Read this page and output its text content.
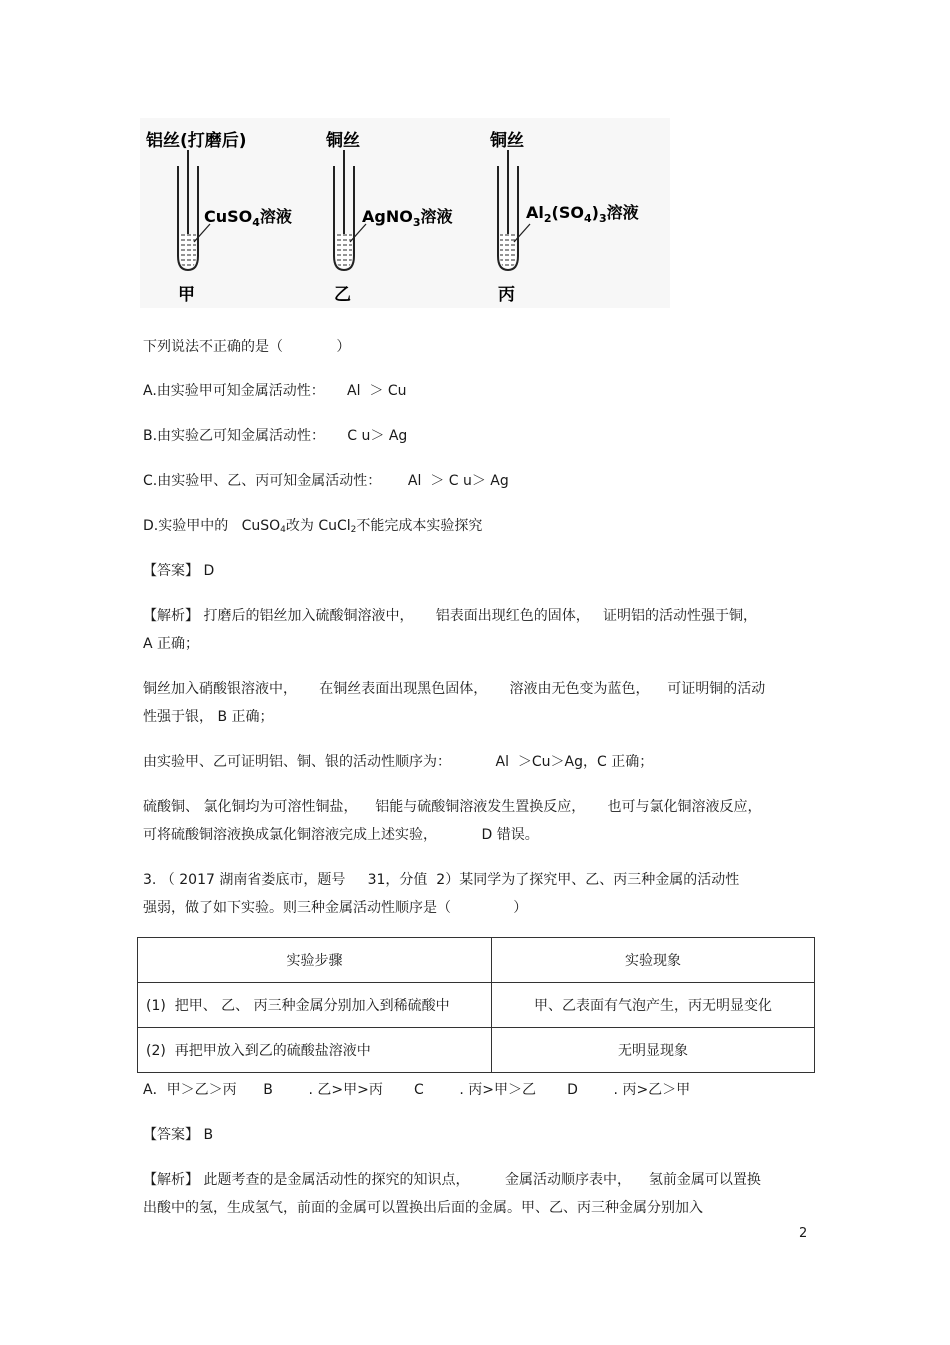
铝丝(打磨后)
CuSO$_4$溶液
甲
铜丝
AgNO$_3$溶液
乙
铜丝
$Al_2(SO_4)_3$溶液
丙
下列说法不正确的是（            ）
A.由实验甲可知金属活动性：     Al  ＞ Cu
B.由实验乙可知金属活动性：     C u＞ Ag
C.由实验甲、乙、丙可知金属活动性：      Al  ＞ C u＞ Ag
D.实验甲中的   CuSO$_4$改为 CuCl$_2$不能完成本实验探究
【答案】 D
【解析】 打磨后的铝丝加入硫酸铜溶液中，     铝表面出现红色的固体，   证明铝的活动性强于铜，
A 正确；
铜丝加入硝酸银溶液中，     在铜丝表面出现黑色固体，     溶液由无色变为蓝色，    可证明铜的活动
性强于银， B 正确；
由实验甲、乙可证明铝、铜、银的活动性顺序为：          Al  ＞Cu＞Ag，C 正确；
硫酸铜、 氯化铜均为可溶性铜盐，    铝能与硫酸铜溶液发生置换反应，     也可与氯化铜溶液反应，
可将硫酸铜溶液换成氯化铜溶液完成上述实验，          D 错误。
3. （ 2017 湖南省娄底市，题号     31，分值  2）某同学为了探究甲、乙、丙三种金属的活动性
强弱，做了如下实验。则三种金属活动性顺序是（              ）
实验步骤	实验现象
(1)  把甲、 乙、 丙三种金属分别加入到稀硫酸中	甲、乙表面有气泡产生，丙无明显变化
(2)  再把甲放入到乙的硫酸盐溶液中	无明显现象
A．甲＞乙＞丙      B        . 乙>甲>丙       C        . 丙>甲＞乙       D        . 丙>乙＞甲
【答案】 B
【解析】 此题考查的是金属活动性的探究的知识点，        金属活动顺序表中，    氢前金属可以置换
出酸中的氢，生成氢气，前面的金属可以置换出后面的金属。甲、乙、丙三种金属分别加入
2
